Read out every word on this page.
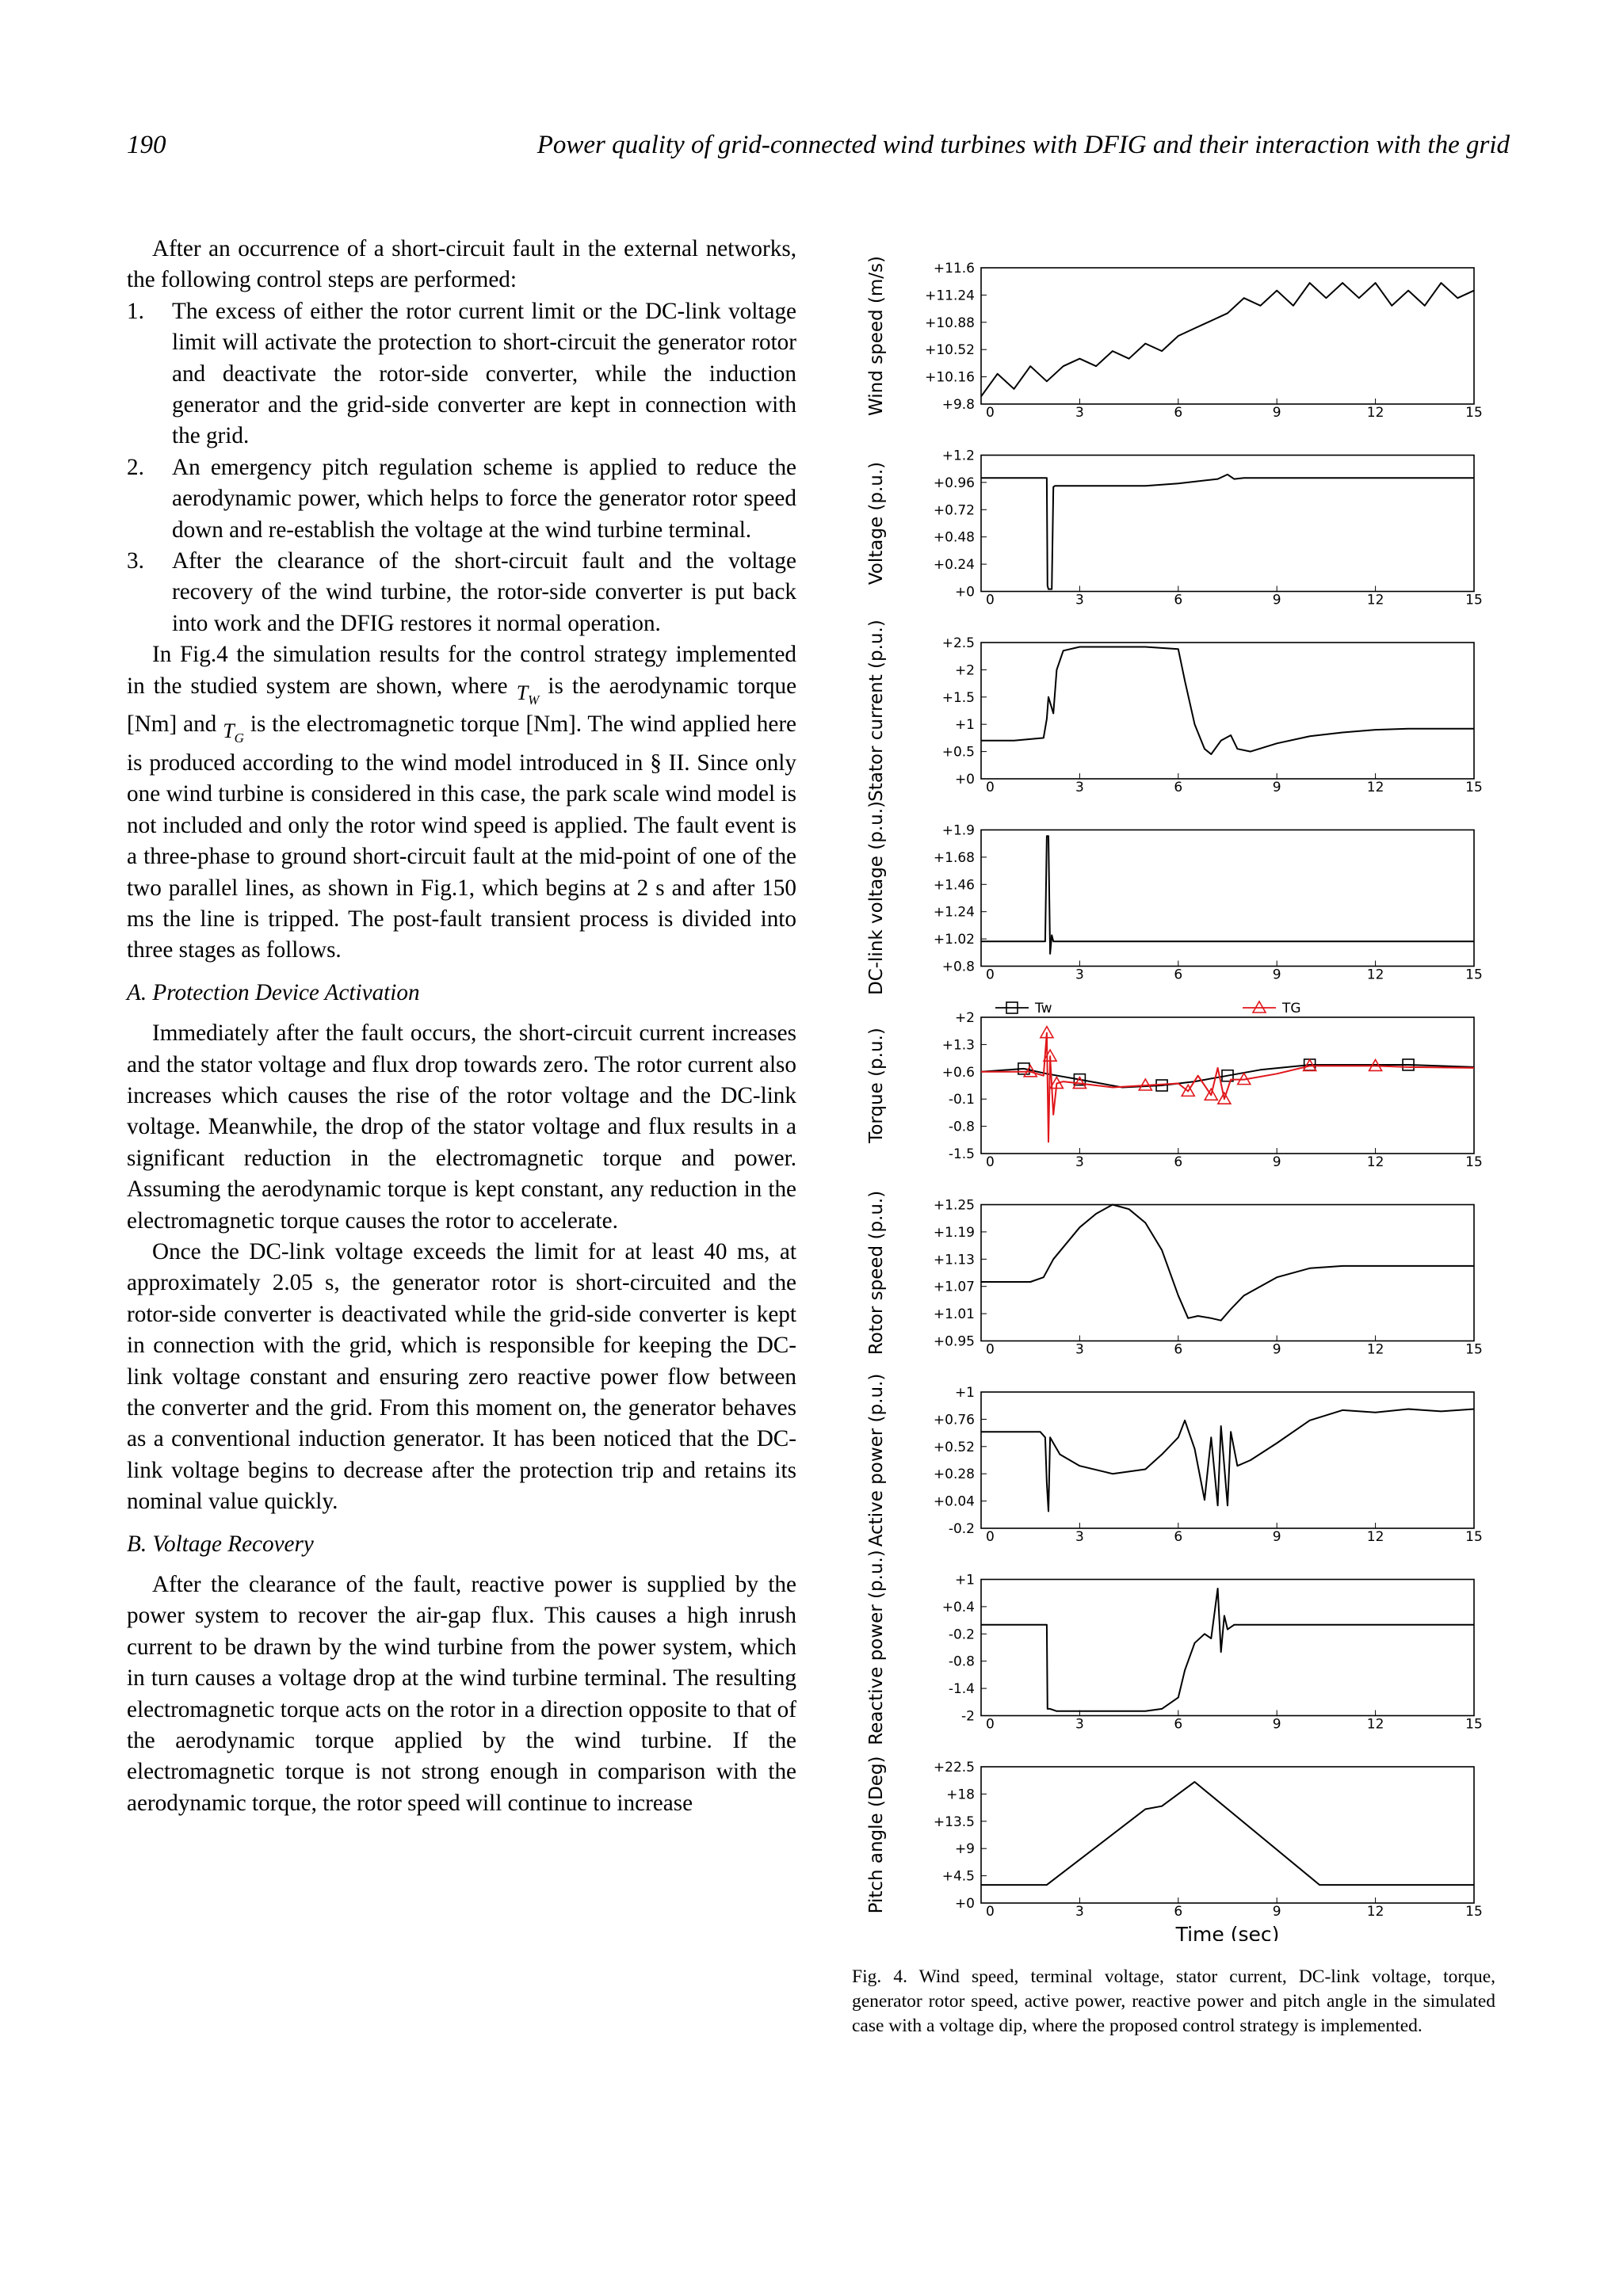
190	Power quality of grid-connected wind turbines with DFIG and their interaction with the grid

After an occurrence of a short-circuit fault in the external networks, the following control steps are performed:

1. The excess of either the rotor current limit or the DC-link voltage limit will activate the protection to short-circuit the generator rotor and deactivate the rotor-side converter, while the induction generator and the grid-side converter are kept in connection with the grid.
2. An emergency pitch regulation scheme is applied to reduce the aerodynamic power, which helps to force the generator rotor speed down and re-establish the voltage at the wind turbine terminal.
3. After the clearance of the short-circuit fault and the voltage recovery of the wind turbine, the rotor-side converter is put back into work and the DFIG restores it normal operation.

In Fig.4 the simulation results for the control strategy implemented in the studied system are shown, where $T_W$ is the aerodynamic torque [Nm] and $T_G$ is the electromagnetic torque [Nm]. The wind applied here is produced according to the wind model introduced in § II. Since only one wind turbine is considered in this case, the park scale wind model is not included and only the rotor wind speed is applied. The fault event is a three-phase to ground short-circuit fault at the mid-point of one of the two parallel lines, as shown in Fig.1, which begins at 2 s and after 150 ms the line is tripped. The post-fault transient process is divided into three stages as follows.

A. Protection Device Activation

Immediately after the fault occurs, the short-circuit current increases and the stator voltage and flux drop towards zero. The rotor current also increases which causes the rise of the rotor voltage and the DC-link voltage. Meanwhile, the drop of the stator voltage and flux results in a significant reduction in the electromagnetic torque and power. Assuming the aerodynamic torque is kept constant, any reduction in the electromagnetic torque causes the rotor to accelerate.

Once the DC-link voltage exceeds the limit for at least 40 ms, at approximately 2.05 s, the generator rotor is short-circuited and the rotor-side converter is deactivated while the grid-side converter is kept in connection with the grid, which is responsible for keeping the DC-link voltage constant and ensuring zero reactive power flow between the converter and the grid. From this moment on, the generator behaves as a conventional induction generator. It has been noticed that the DC-link voltage begins to decrease after the protection trip and retains its nominal value quickly.

B. Voltage Recovery

After the clearance of the fault, reactive power is supplied by the power system to recover the air-gap flux. This causes a high inrush current to be drawn by the wind turbine from the power system, which in turn causes a voltage drop at the wind turbine terminal. The resulting electromagnetic torque acts on the rotor in a direction opposite to that of the aerodynamic torque applied by the wind turbine. If the electromagnetic torque is not strong enough in comparison with the aerodynamic torque, the rotor speed will continue to increase

+11.6
+11.24
+10.88
+10.52
+10.16
+9.8 0	3	6	9	12	15
Wind speed (m/s)
+1.2
+0.96
+0.72
+0.48
+0.24
+0 0	3	6	9	12	15
Voltage (p.u.)
+2.5
+2
+1.5
+1
+0.5
+0 0	3	6	9	12	15
Stator current (p.u.)
+1.9
+1.68
+1.46
+1.24
+1.02
+0.8 0	3	6	9	12	15
DC-link voltage (p.u.)
+2
+1.3
+0.6
-0.1
-0.8
-1.5 0	3	6	9	12	15
Torque (p.u.)
Tw	TG
+1.25
+1.19
+1.13
+1.07
+1.01
+0.95 0	3	6	9	12	15
Rotor speed (p.u.)
+1
+0.76
+0.52
+0.28
+0.04
-0.2 0	3	6	9	12	15
Active power (p.u.)
+1
+0.4
-0.2
-0.8
-1.4
-2 0	3	6	9	12	15
Reactive power (p.u.)
+22.5
+18
+13.5
+9
+4.5
+0 0	3	6	9	12	15
Pitch angle (Deg)
Time (sec)
Fig. 4. Wind speed, terminal voltage, stator current, DC-link voltage, torque, generator rotor speed, active power, reactive power and pitch angle in the simulated case with a voltage dip, where the proposed control strategy is implemented.
